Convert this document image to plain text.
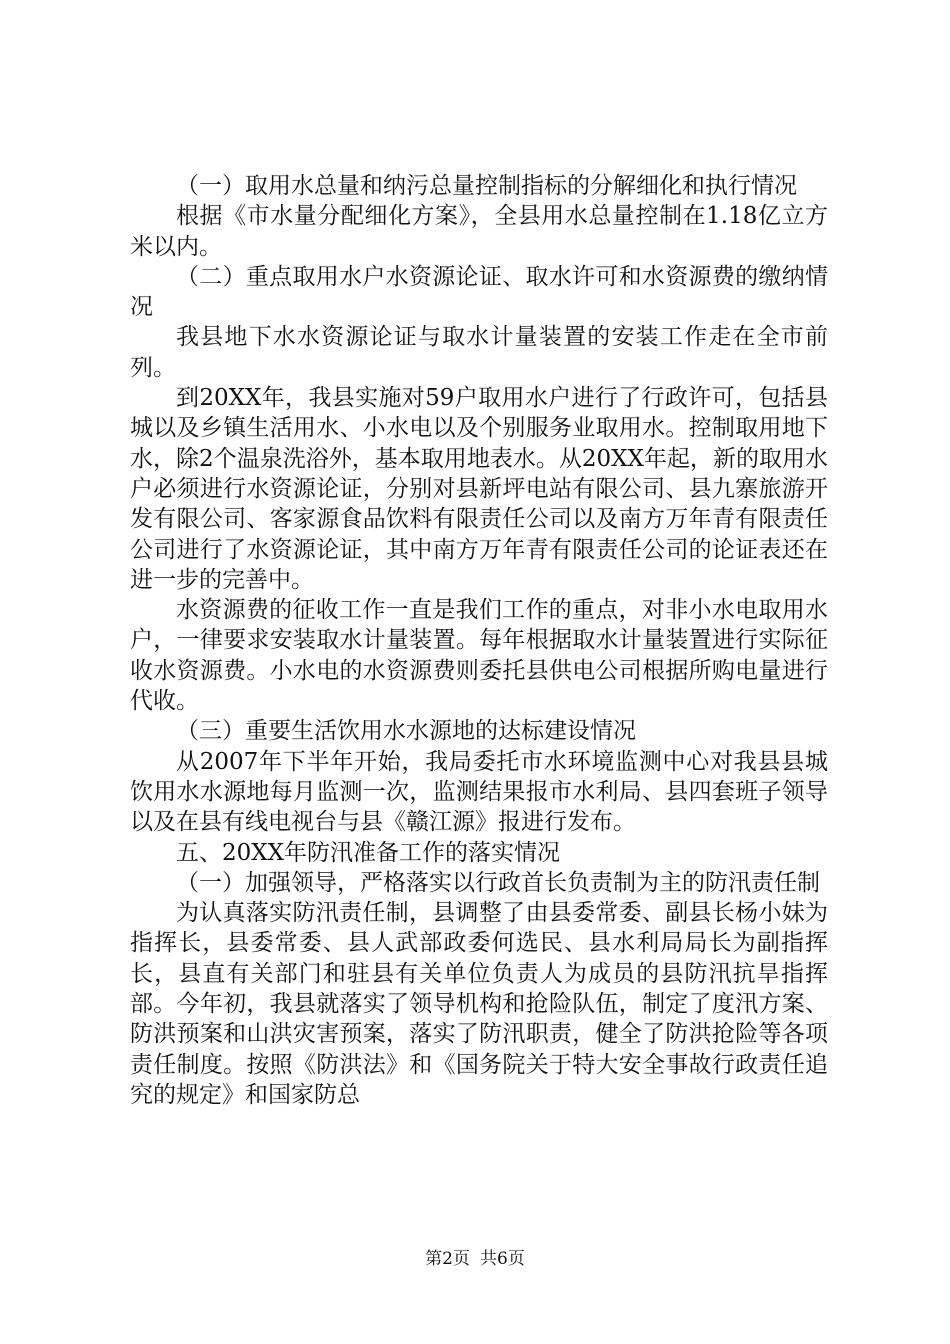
（一）取用水总量和纳污总量控制指标的分解细化和执行情况

根据《市水量分配细化方案》，全县用水总量控制在1.18亿立方米以内。

（二）重点取用水户水资源论证、取水许可和水资源费的缴纳情况

我县地下水水资源论证与取水计量装置的安装工作走在全市前列。

到20XX年，我县实施对59户取用水户进行了行政许可，包括县城以及乡镇生活用水、小水电以及个别服务业取用水。控制取用地下水，除2个温泉洗浴外，基本取用地表水。从20XX年起，新的取用水户必须进行水资源论证，分别对县新坪电站有限公司、县九寨旅游开发有限公司、客家源食品饮料有限责任公司以及南方万年青有限责任公司进行了水资源论证，其中南方万年青有限责任公司的论证表还在进一步的完善中。

水资源费的征收工作一直是我们工作的重点，对非小水电取用水户，一律要求安装取水计量装置。每年根据取水计量装置进行实际征收水资源费。小水电的水资源费则委托县供电公司根据所购电量进行代收。

（三）重要生活饮用水水源地的达标建设情况

从2007年下半年开始，我局委托市水环境监测中心对我县县城饮用水水源地每月监测一次，监测结果报市水利局、县四套班子领导以及在县有线电视台与县《赣江源》报进行发布。

五、20XX年防汛准备工作的落实情况

（一）加强领导，严格落实以行政首长负责制为主的防汛责任制

为认真落实防汛责任制，县调整了由县委常委、副县长杨小妹为指挥长，县委常委、县人武部政委何选民、县水利局局长为副指挥长，县直有关部门和驻县有关单位负责人为成员的县防汛抗旱指挥部。今年初，我县就落实了领导机构和抢险队伍，制定了度汛方案、防洪预案和山洪灾害预案，落实了防汛职责，健全了防洪抢险等各项责任制度。按照《防洪法》和《国务院关于特大安全事故行政责任追究的规定》和国家防总

第2页 共6页
